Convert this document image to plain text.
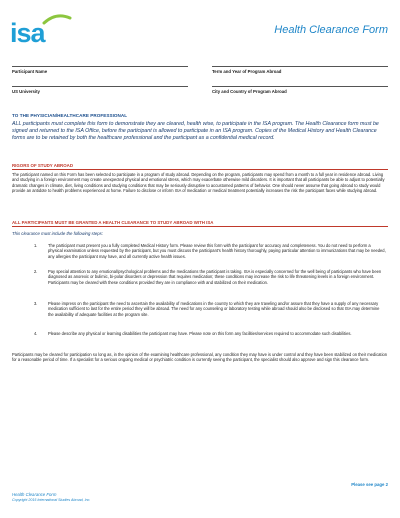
isa	Health Clearance Form
Participant Name	Term and Year of Program Abroad
US University	City and Country of Program Abroad
TO THE PHYSICIAN/HEALTHCARE PROFESSIONAL
ALL participants must complete this form to demonstrate they are cleared, health wise, to participate in the ISA program. The Health Clearance form must be signed and returned to the ISA Office, before the participant is allowed to participate in an ISA program. Copies of the Medical History and Health Clearance forms are to be retained by both the healthcare professional and the participant as a confidential medical record.
RIGORS OF STUDY ABROAD
The participant named on this Form has been selected to participate in a program of study abroad. Depending on the program, participants may spend from a month to a full year in residence abroad. Living and studying in a foreign environment may create unexpected physical and emotional stress, which may exacerbate otherwise mild disorders. It is important that all participants be able to adjust to potentially dramatic changes in climate, diet, living conditions and studying conditions that may be seriously disruptive to accustomed patterns of behavior. One should never assume that going abroad to study would provide an antidote to health problems experienced at home. Failure to disclose or inform ISA of medication or medical treatment potentially increases the risk the participant faces while studying abroad.
ALL PARTICIPANTS MUST BE GRANTED A HEALTH CLEARANCE TO STUDY ABROAD WITH ISA
This clearance must include the following steps:
1.	The participant must present you a fully completed Medical History form. Please review this form with the participant for accuracy and completeness. You do not need to perform a physical examination unless requested by the participant, but you must discuss the participant's health history thoroughly, paying particular attention to immunizations that may be needed, any allergies the participant may have, and all currently active health issues.
2.	Pay special attention to any emotional/psychological problems and the medications the participant is taking. ISA is especially concerned for the well being of participants who have been diagnosed as anorexic or bulimic, bi-polar disorders or depression that requires medication; these conditions may increase the risk to life threatening levels in a foreign environment. Participants may be cleared with these conditions provided they are in compliance with and stabilized on their medication.
3.	Please impress on the participant the need to ascertain the availability of medications in the country to which they are traveling and/or assure that they have a supply of any necessary medication sufficient to last for the entire period they will be abroad. The need for any counseling or laboratory testing while abroad should also be disclosed so that ISA may determine the availability of adequate facilities at the program site.
4.	Please describe any physical or learning disabilities the participant may have. Please note on this form any facilities/services required to accommodate such disabilities.
Participants may be cleared for participation so long as, in the opinion of the examining healthcare professional, any condition they may have is under control and they have been stabilized on their medication for a reasonable period of time. If a specialist for a serious ongoing medical or psychiatric condition is currently seeing the participant, the specialist should also approve and sign this clearance form.
Please see page 2
Health Clearance Form
Copyright 2015 International Studies Abroad, Inc.
